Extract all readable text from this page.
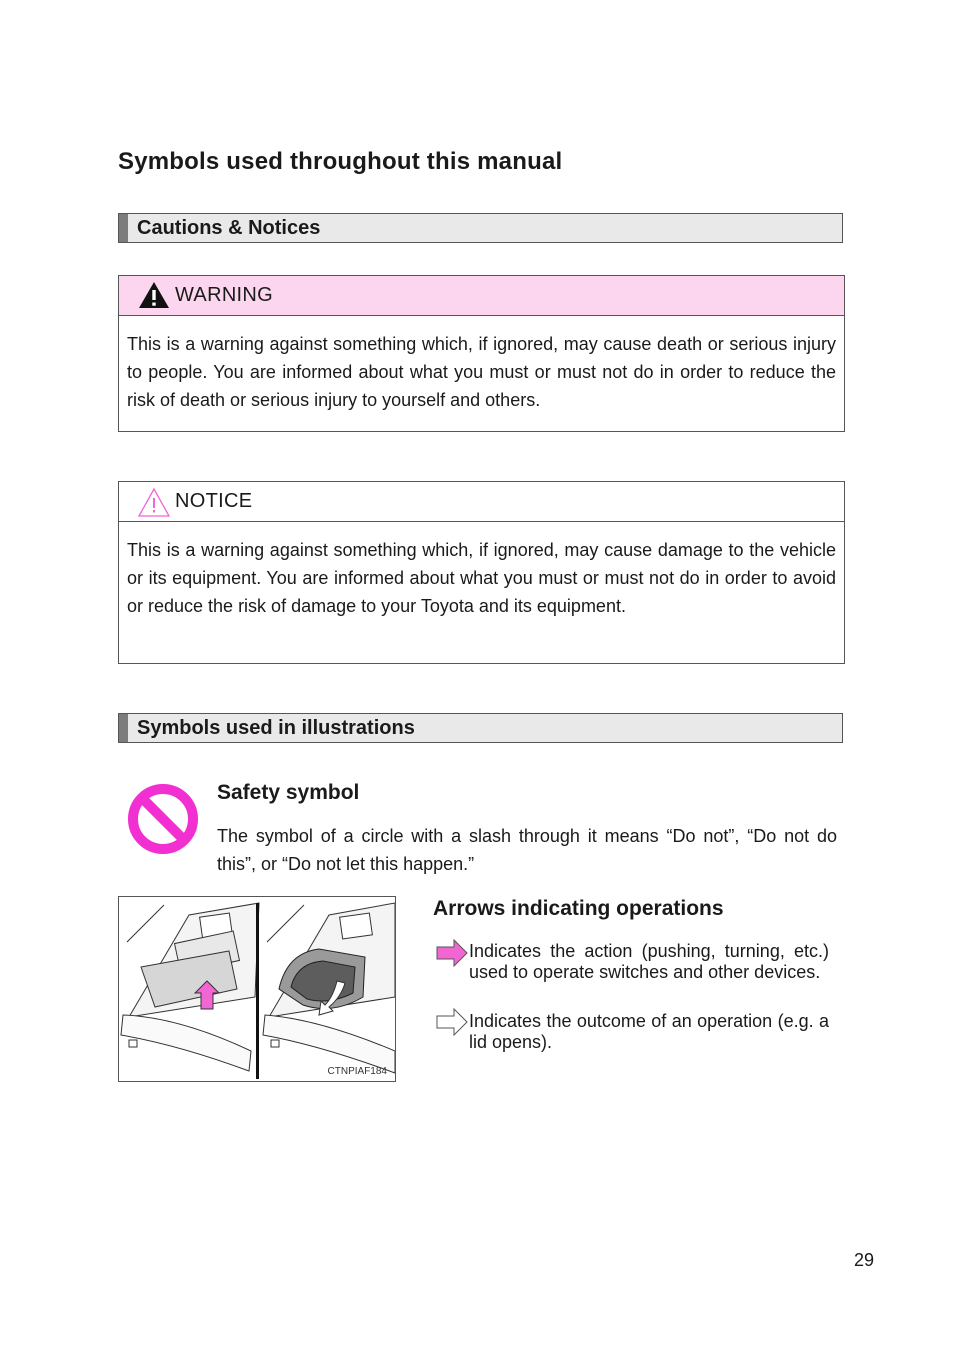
Symbols used throughout this manual
Cautions & Notices
WARNING
This is a warning against something which, if ignored, may cause death or serious injury to people. You are informed about what you must or must not do in order to reduce the risk of death or serious injury to yourself and others.
NOTICE
This is a warning against something which, if ignored, may cause damage to the vehicle or its equipment. You are informed about what you must or must not do in order to avoid or reduce the risk of damage to your Toyota and its equipment.
Symbols used in illustrations
Safety symbol
The symbol of a circle with a slash through it means “Do not”, “Do not do this”, or “Do not let this happen.”
CTNPIAF184
Arrows indicating operations
Indicates the action (pushing, turning, etc.) used to operate switches and other devices.
Indicates the outcome of an operation (e.g. a lid opens).
29
